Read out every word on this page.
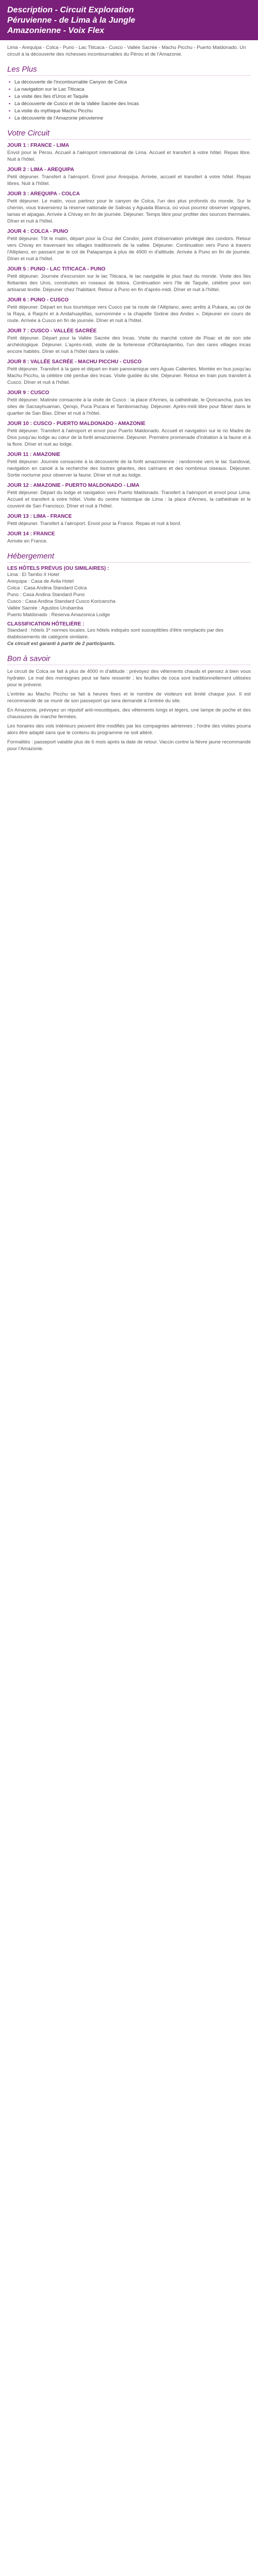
Description - Circuit Exploration
Péruvienne - de Lima à la Jungle
Amazonienne - Voix Flex
Lima - Arequipa - Colca - Puno - Lac Titicaca - Cusco - Vallée Sacrée - Machu Picchu - Puerto Maldonado. Un circuit à la découverte des richesses incontournables du Pérou et de l'Amazonie.
Les Plus
▪ La découverte de l'incontournable Canyon de Colca
▪ La navigation sur le Lac Titicaca
▪ La visite des îles d'Uros et Taquile
▪ La découverte de Cusco et de la Vallée Sacrée des Incas
▪ La visite du mythique Machu Picchu
▪ La découverte de l'Amazonie péruvienne
Votre Circuit
JOUR 1 : FRANCE - LIMA

Envol pour le Pérou. Accueil à l'aéroport international de Lima. Accueil et transfert à votre hôtel. Repas libre. Nuit à l'hôtel.

JOUR 2 : LIMA - AREQUIPA

Petit déjeuner. Transfert à l'aéroport. Envol pour Arequipa. Arrivée, accueil et transfert à votre hôtel. Repas libres. Nuit à l'hôtel.

JOUR 3 : AREQUIPA - COLCA

Petit déjeuner. Le matin, vous partirez pour le canyon de Colca, l'un des plus profonds du monde. Sur le chemin, vous traverserez la réserve nationale de Salinas y Aguada Blanca, où vous pourrez observer vigognes, lamas et alpagas. Arrivée à Chivay en fin de journée. Déjeuner. Temps libre pour profiter des sources thermales. Dîner et nuit à l'hôtel.

JOUR 4 : COLCA - PUNO

Petit déjeuner. Tôt le matin, départ pour la Cruz del Condor, point d'observation privilégié des condors. Retour vers Chivay en traversant les villages traditionnels de la vallée. Déjeuner. Continuation vers Puno à travers l'Altiplano, en passant par le col de Patapampa à plus de 4900 m d'altitude. Arrivée à Puno en fin de journée. Dîner et nuit à l'hôtel.

JOUR 5 : PUNO - LAC TITICACA - PUNO

Petit déjeuner. Journée d'excursion sur le lac Titicaca, le lac navigable le plus haut du monde. Visite des îles flottantes des Uros, construites en roseaux de totora. Continuation vers l'île de Taquile, célèbre pour son artisanat textile. Déjeuner chez l'habitant. Retour à Puno en fin d'après-midi. Dîner et nuit à l'hôtel.

JOUR 6 : PUNO - CUSCO

Petit déjeuner. Départ en bus touristique vers Cusco par la route de l'Altiplano, avec arrêts à Pukara, au col de la Raya, à Raqchi et à Andahuaylillas, surnommée « la chapelle Sixtine des Andes ». Déjeuner en cours de route. Arrivée à Cusco en fin de journée. Dîner et nuit à l'hôtel.

JOUR 7 : CUSCO - VALLÉE SACRÉE

Petit déjeuner. Départ pour la Vallée Sacrée des Incas. Visite du marché coloré de Pisac et de son site archéologique. Déjeuner. L'après-midi, visite de la forteresse d'Ollantaytambo, l'un des rares villages incas encore habités. Dîner et nuit à l'hôtel dans la vallée.

JOUR 8 : VALLÉE SACRÉE - MACHU PICCHU - CUSCO

Petit déjeuner. Transfert à la gare et départ en train panoramique vers Aguas Calientes. Montée en bus jusqu'au Machu Picchu, la célèbre cité perdue des Incas. Visite guidée du site. Déjeuner. Retour en train puis transfert à Cusco. Dîner et nuit à l'hôtel.

JOUR 9 : CUSCO

Petit déjeuner. Matinée consacrée à la visite de Cusco : la place d'Armes, la cathédrale, le Qoricancha, puis les sites de Sacsayhuaman, Qenqo, Puca Pucara et Tambomachay. Déjeuner. Après-midi libre pour flâner dans le quartier de San Blas. Dîner et nuit à l'hôtel.

JOUR 10 : CUSCO - PUERTO MALDONADO - AMAZONIE

Petit déjeuner. Transfert à l'aéroport et envol pour Puerto Maldonado. Accueil et navigation sur le rio Madre de Dios jusqu'au lodge au cœur de la forêt amazonienne. Déjeuner. Première promenade d'initiation à la faune et à la flore. Dîner et nuit au lodge.

JOUR 11 : AMAZONIE

Petit déjeuner. Journée consacrée à la découverte de la forêt amazonienne : randonnée vers le lac Sandoval, navigation en canoë à la recherche des loutres géantes, des caïmans et des nombreux oiseaux. Déjeuner. Sortie nocturne pour observer la faune. Dîner et nuit au lodge.

JOUR 12 : AMAZONIE - PUERTO MALDONADO - LIMA

Petit déjeuner. Départ du lodge et navigation vers Puerto Maldonado. Transfert à l'aéroport et envol pour Lima. Accueil et transfert à votre hôtel. Visite du centre historique de Lima : la place d'Armes, la cathédrale et le couvent de San Francisco. Dîner et nuit à l'hôtel.

JOUR 13 : LIMA - FRANCE

Petit déjeuner. Transfert à l'aéroport. Envol pour la France. Repas et nuit à bord.

JOUR 14 : FRANCE

Arrivée en France.

Hébergement
LES HÔTELS PRÉVUS (OU SIMILAIRES) :

Lima : El Tambo II Hotel

Arequipa : Casa de Avila Hotel

Colca : Casa Andina Standard Colca

Puno : Casa Andina Standard Puno

Cusco : Casa Andina Standard Cusco Koricancha

Vallée Sacrée : Agustos Urubamba

Puerto Maldonado : Reserva Amazonica Lodge

CLASSIFICATION HÔTELIÈRE :

Standard : hôtels 3* normes locales. Les hôtels indiqués sont susceptibles d'être remplacés par des établissements de catégorie similaire.

Ce circuit est garanti à partir de 2 participants.

Bon à savoir

Le circuit de Colca se fait à plus de 4000 m d'altitude : prévoyez des vêtements chauds et pensez à bien vous hydrater. Le mal des montagnes peut se faire ressentir ; les feuilles de coca sont traditionnellement utilisées pour le prévenir.

L'entrée au Machu Picchu se fait à heures fixes et le nombre de visiteurs est limité chaque jour. Il est recommandé de se munir de son passeport qui sera demandé à l'entrée du site.

En Amazonie, prévoyez un répulsif anti-moustiques, des vêtements longs et légers, une lampe de poche et des chaussures de marche fermées.

Les horaires des vols intérieurs peuvent être modifiés par les compagnies aériennes ; l'ordre des visites pourra alors être adapté sans que le contenu du programme ne soit altéré.

Formalités : passeport valable plus de 6 mois après la date de retour. Vaccin contre la fièvre jaune recommandé pour l'Amazonie.
